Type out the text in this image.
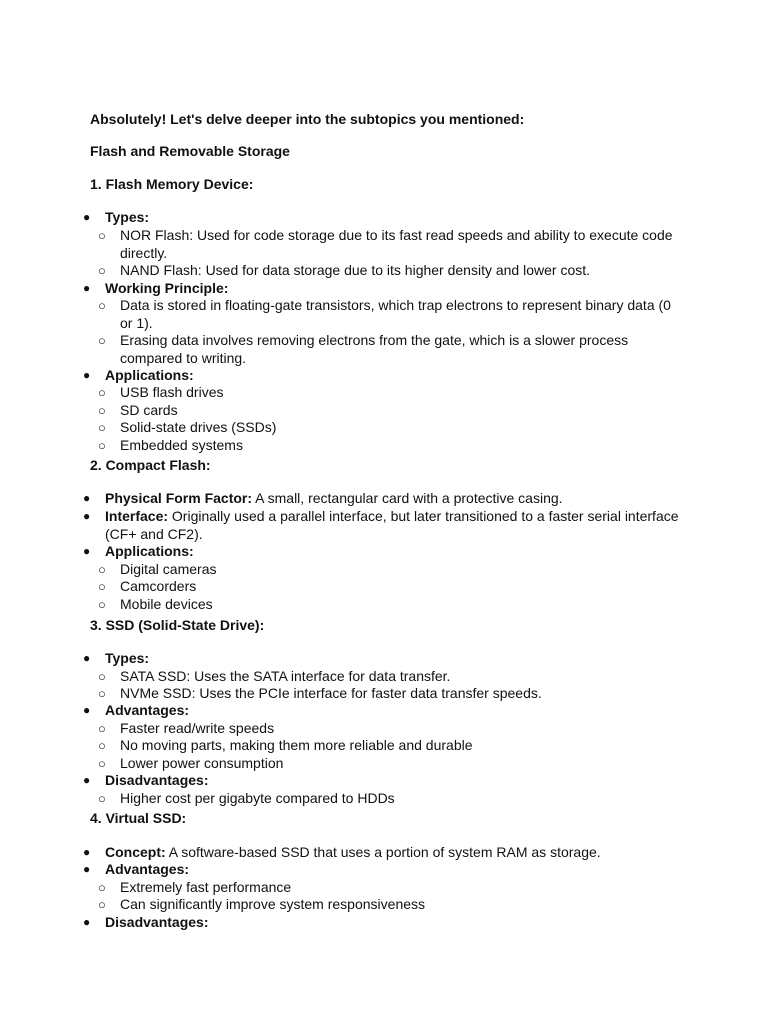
Absolutely! Let's delve deeper into the subtopics you mentioned:

Flash and Removable Storage

1. Flash Memory Device:

● Types:

○ NOR Flash: Used for code storage due to its fast read speeds and ability to execute code directly.

○ NAND Flash: Used for data storage due to its higher density and lower cost.

● Working Principle:

○ Data is stored in floating-gate transistors, which trap electrons to represent binary data (0 or 1).

○ Erasing data involves removing electrons from the gate, which is a slower process compared to writing.

● Applications:

○ USB flash drives

○ SD cards

○ Solid-state drives (SSDs)

○ Embedded systems

2. Compact Flash:

● Physical Form Factor: A small, rectangular card with a protective casing.

● Interface: Originally used a parallel interface, but later transitioned to a faster serial interface (CF+ and CF2).

● Applications:

○ Digital cameras

○ Camcorders

○ Mobile devices

3. SSD (Solid-State Drive):

● Types:

○ SATA SSD: Uses the SATA interface for data transfer.

○ NVMe SSD: Uses the PCIe interface for faster data transfer speeds.

● Advantages:

○ Faster read/write speeds

○ No moving parts, making them more reliable and durable

○ Lower power consumption

● Disadvantages:

○ Higher cost per gigabyte compared to HDDs

4. Virtual SSD:

● Concept: A software-based SSD that uses a portion of system RAM as storage.

● Advantages:

○ Extremely fast performance

○ Can significantly improve system responsiveness

● Disadvantages:
